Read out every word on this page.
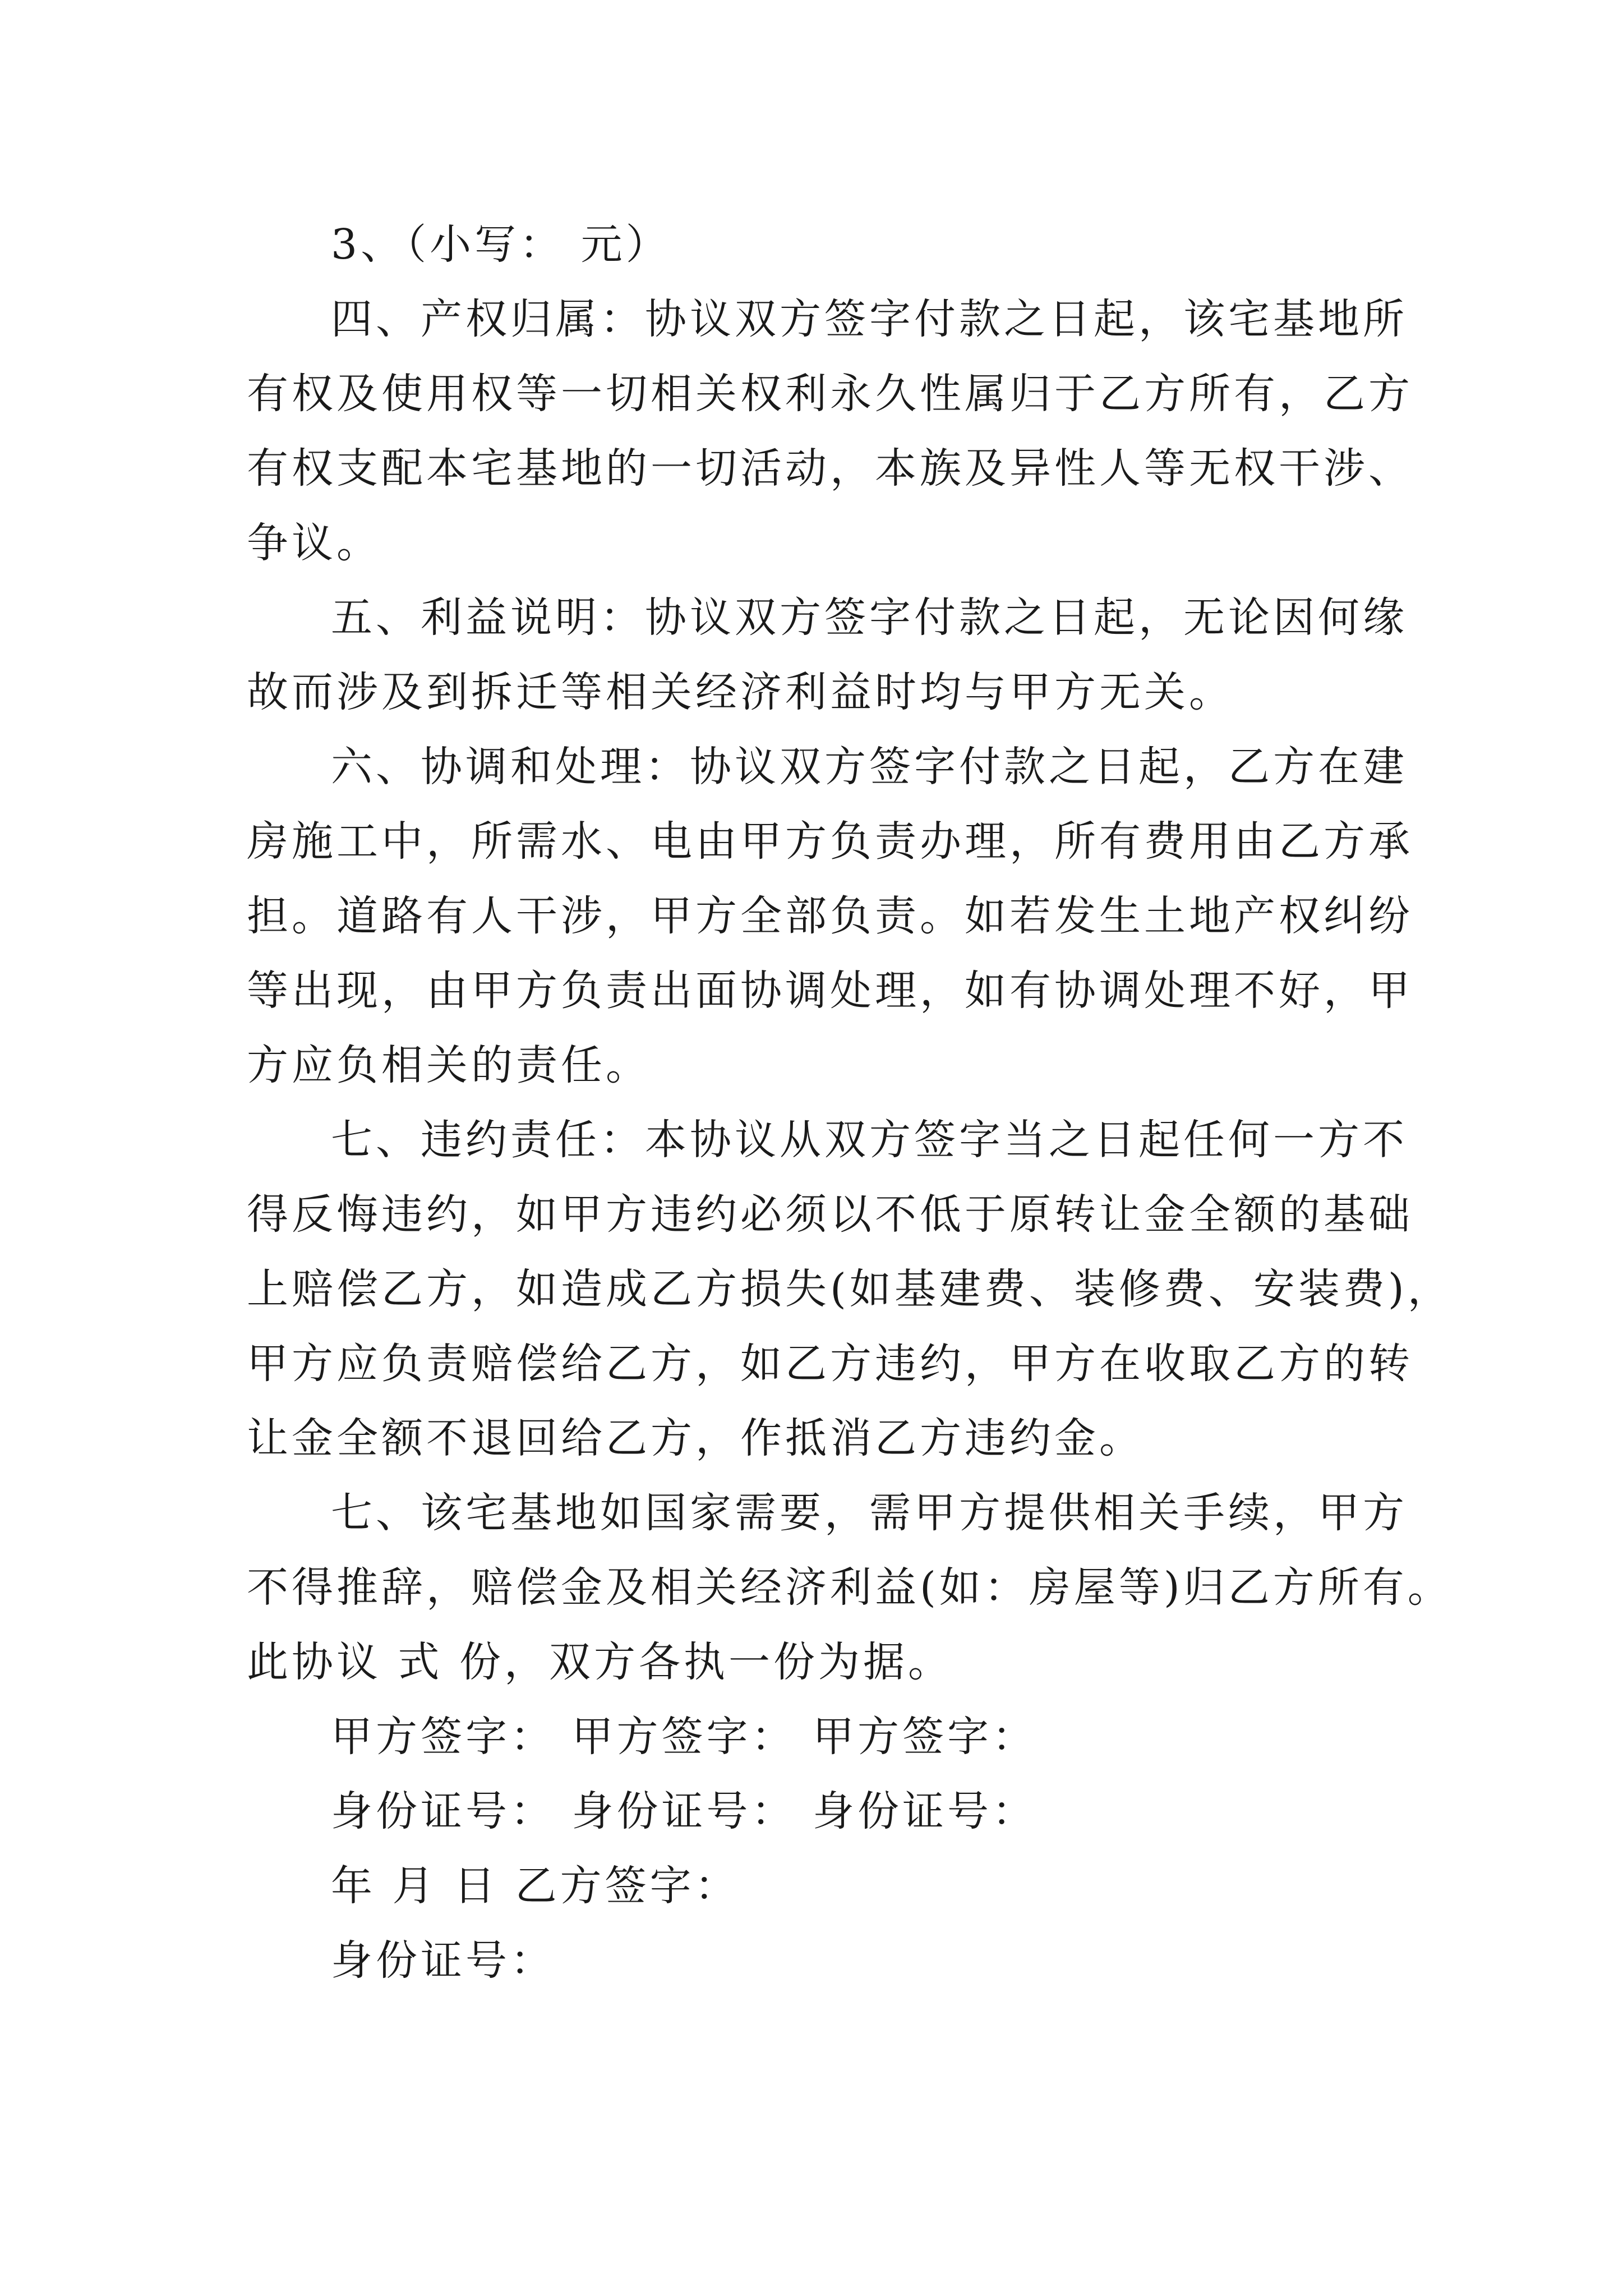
3、（小写： 元）
四、产权归属：协议双方签字付款之日起，该宅基地所
有权及使用权等一切相关权利永久性属归于乙方所有，乙方
有权支配本宅基地的一切活动，本族及异性人等无权干涉、
争议。
五、利益说明：协议双方签字付款之日起，无论因何缘
故而涉及到拆迁等相关经济利益时均与甲方无关。
六、协调和处理：协议双方签字付款之日起，乙方在建
房施工中，所需水、电由甲方负责办理，所有费用由乙方承
担。道路有人干涉，甲方全部负责。如若发生土地产权纠纷
等出现，由甲方负责出面协调处理，如有协调处理不好，甲
方应负相关的责任。
七、违约责任：本协议从双方签字当之日起任何一方不
得反悔违约，如甲方违约必须以不低于原转让金全额的基础
上赔偿乙方，如造成乙方损失(如基建费、装修费、安装费)，
甲方应负责赔偿给乙方，如乙方违约，甲方在收取乙方的转
让金全额不退回给乙方，作抵消乙方违约金。
七、该宅基地如国家需要，需甲方提供相关手续，甲方
不得推辞，赔偿金及相关经济利益(如：房屋等)归乙方所有。
此协议 式 份，双方各执一份为据。
甲方签字： 甲方签字： 甲方签字：
身份证号： 身份证号： 身份证号：
年 月 日 乙方签字：
身份证号：
